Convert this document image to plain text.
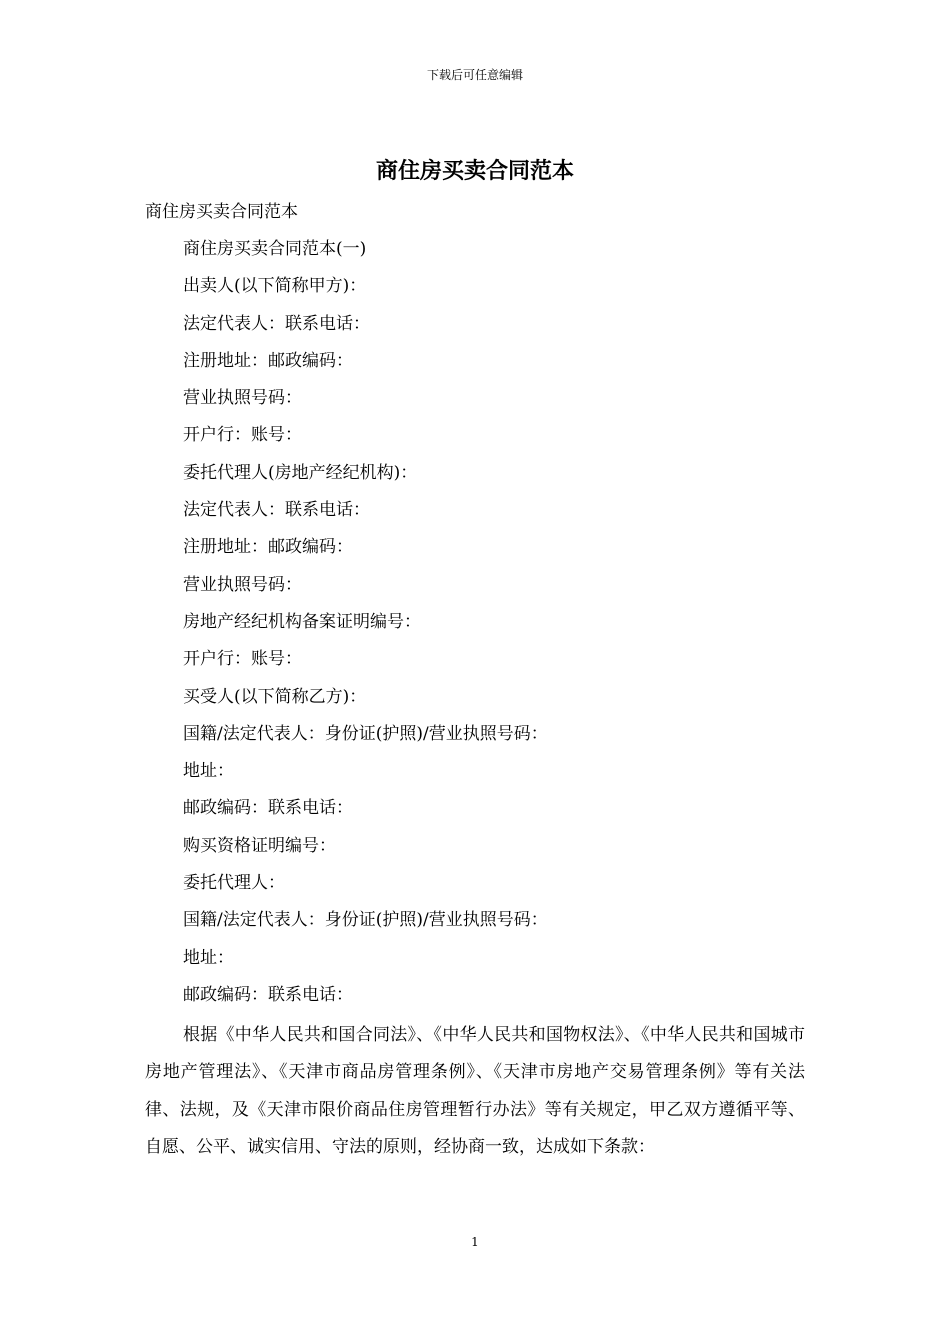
下载后可任意编辑
商住房买卖合同范本
商住房买卖合同范本
商住房买卖合同范本(一)
出卖人(以下简称甲方)：
法定代表人：联系电话：
注册地址：邮政编码：
营业执照号码：
开户行：账号：
委托代理人(房地产经纪机构)：
法定代表人：联系电话：
注册地址：邮政编码：
营业执照号码：
房地产经纪机构备案证明编号：
开户行：账号：
买受人(以下简称乙方)：
国籍/法定代表人：身份证(护照)/营业执照号码：
地址：
邮政编码：联系电话：
购买资格证明编号：
委托代理人：
国籍/法定代表人：身份证(护照)/营业执照号码：
地址：
邮政编码：联系电话：
根据《中华人民共和国合同法》、《中华人民共和国物权法》、《中华人民共和国城市房地产管理法》、《天津市商品房管理条例》、《天津市房地产交易管理条例》等有关法律、法规，及《天津市限价商品住房管理暂行办法》等有关规定，甲乙双方遵循平等、自愿、公平、诚实信用、守法的原则，经协商一致，达成如下条款：
1
